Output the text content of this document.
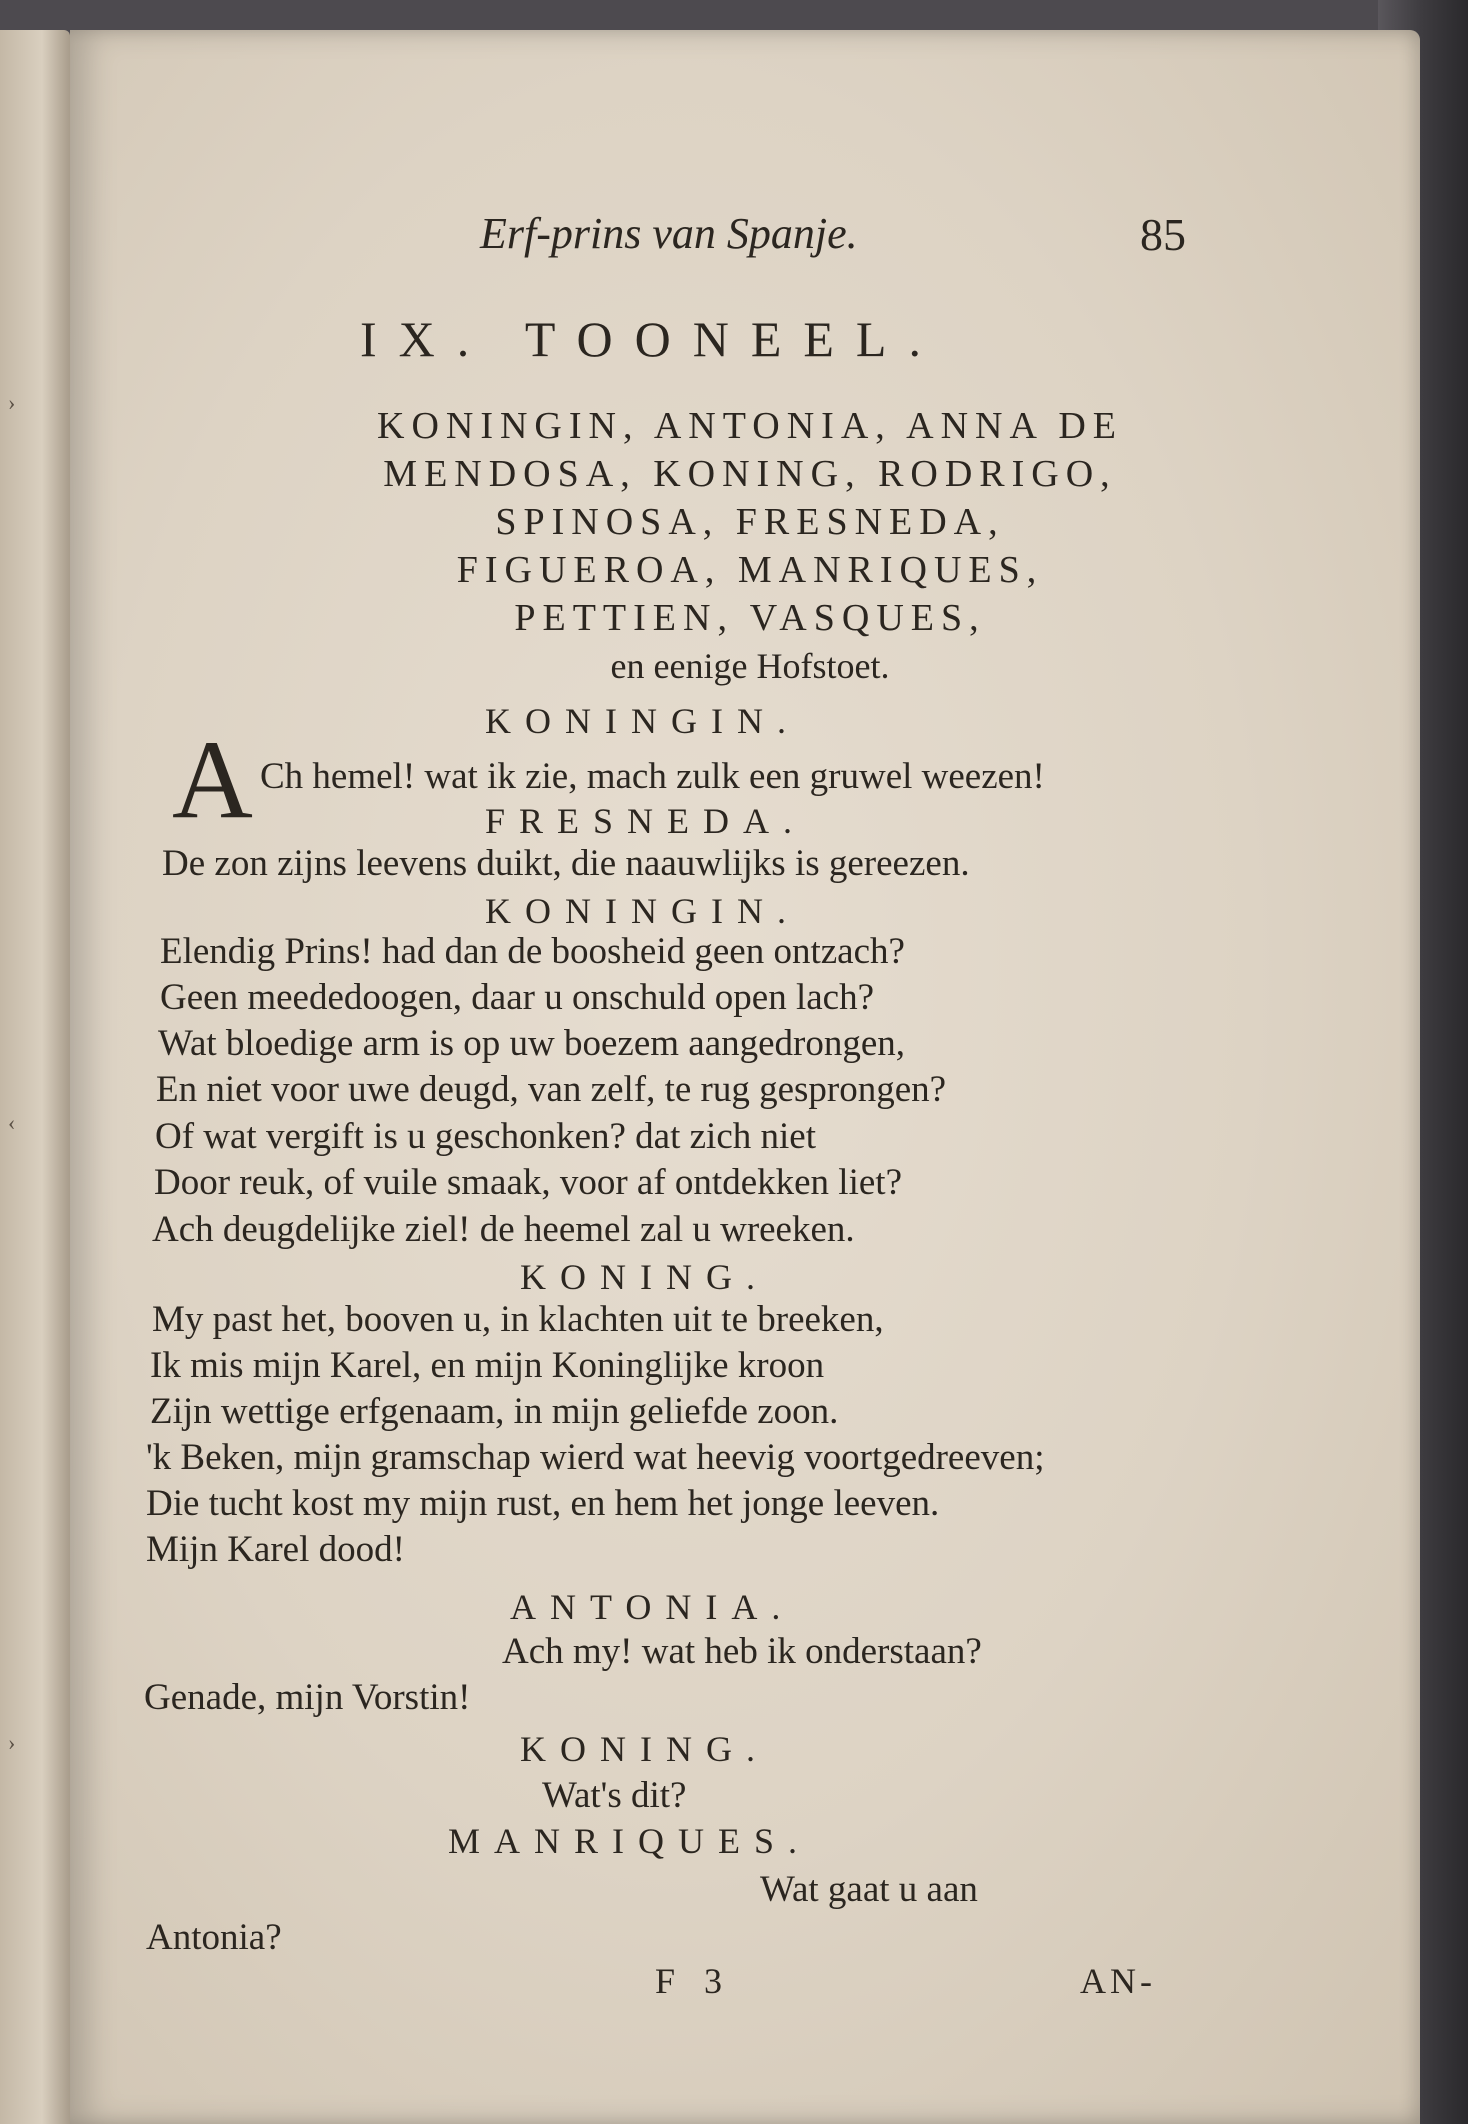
›
‹
›
Erf-prins van Spanje.	85
IX. TOONEEL.
KONINGIN, ANTONIA, ANNA DE
MENDOSA, KONING, RODRIGO,
SPINOSA, FRESNEDA,
FIGUEROA, MANRIQUES,
PETTIEN, VASQUES,
en eenige Hofstoet.
KONINGIN.
A Ch hemel! wat ik zie, mach zulk een gruwel weezen!
FRESNEDA.
De zon zijns leevens duikt, die naauwlijks is gereezen.
KONINGIN.
Elendig Prins! had dan de boosheid geen ontzach?
Geen meededoogen, daar u onschuld open lach?
Wat bloedige arm is op uw boezem aangedrongen,
En niet voor uwe deugd, van zelf, te rug gesprongen?
Of wat vergift is u geschonken? dat zich niet
Door reuk, of vuile smaak, voor af ontdekken liet?
Ach deugdelijke ziel! de heemel zal u wreeken.
KONING.
My past het, booven u, in klachten uit te breeken,
Ik mis mijn Karel, en mijn Koninglijke kroon
Zijn wettige erfgenaam, in mijn geliefde zoon.
'k Beken, mijn gramschap wierd wat heevig voortgedreeven;
Die tucht kost my mijn rust, en hem het jonge leeven.
Mijn Karel dood!
ANTONIA.
Ach my! wat heb ik onderstaan?
Genade, mijn Vorstin!
KONING.
Wat's dit?
MANRIQUES.
Wat gaat u aan
Antonia?
F 3	AN-
